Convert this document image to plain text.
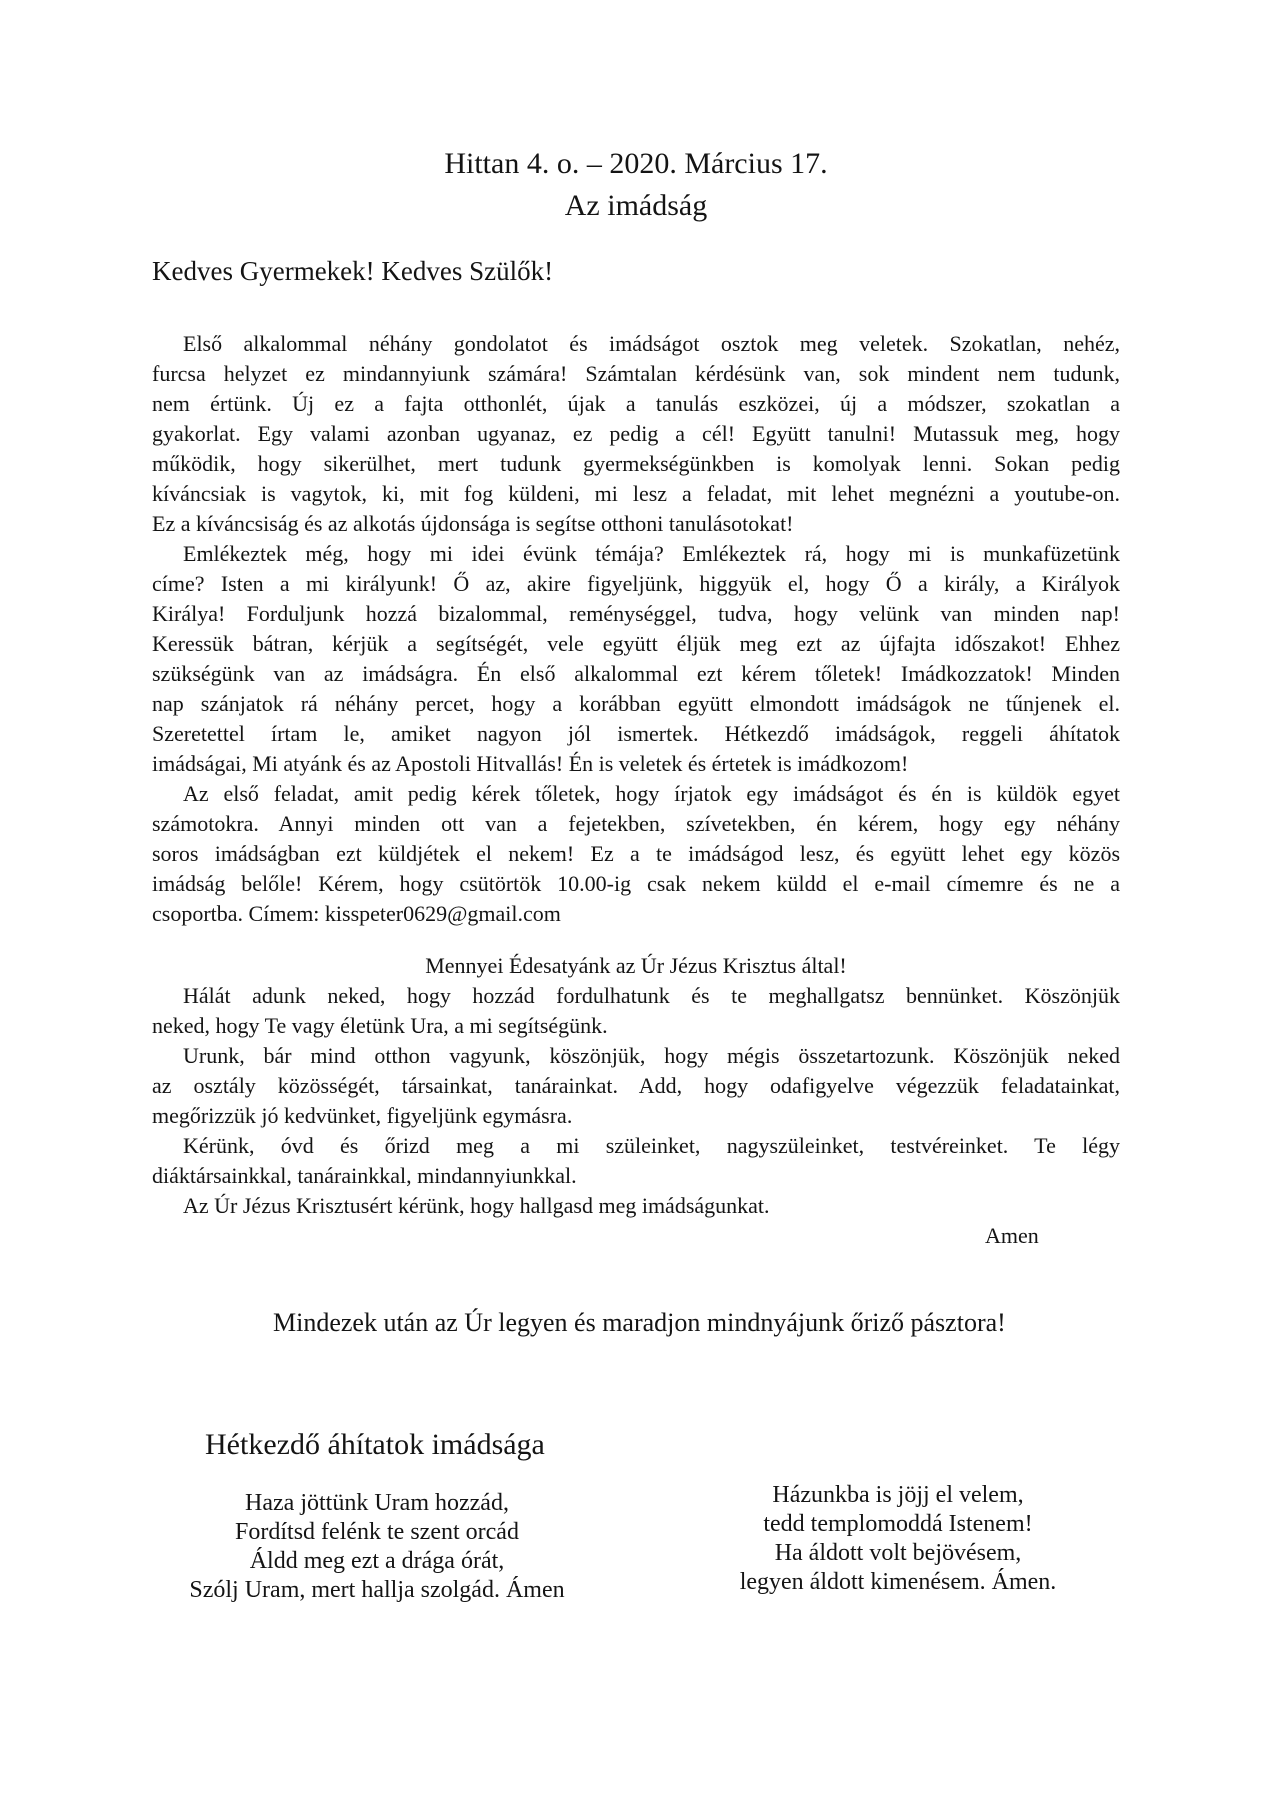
Hittan 4. o. – 2020. Március 17.
Az imádság
Kedves Gyermekek! Kedves Szülők!
Első alkalommal néhány gondolatot és imádságot osztok meg veletek. Szokatlan, nehéz,
furcsa helyzet ez mindannyiunk számára! Számtalan kérdésünk van, sok mindent nem tudunk,
nem értünk. Új ez a fajta otthonlét, újak a tanulás eszközei, új a módszer, szokatlan a
gyakorlat. Egy valami azonban ugyanaz, ez pedig a cél! Együtt tanulni! Mutassuk meg, hogy
működik, hogy sikerülhet, mert tudunk gyermekségünkben is komolyak lenni. Sokan pedig
kíváncsiak is vagytok, ki, mit fog küldeni, mi lesz a feladat, mit lehet megnézni a youtube-on.
Ez a kíváncsiság és az alkotás újdonsága is segítse otthoni tanulásotokat!
Emlékeztek még, hogy mi idei évünk témája? Emlékeztek rá, hogy mi is munkafüzetünk
címe? Isten a mi királyunk! Ő az, akire figyeljünk, higgyük el, hogy Ő a király, a Királyok
Királya! Forduljunk hozzá bizalommal, reménységgel, tudva, hogy velünk van minden nap!
Keressük bátran, kérjük a segítségét, vele együtt éljük meg ezt az újfajta időszakot! Ehhez
szükségünk van az imádságra. Én első alkalommal ezt kérem tőletek! Imádkozzatok! Minden
nap szánjatok rá néhány percet, hogy a korábban együtt elmondott imádságok ne tűnjenek el.
Szeretettel írtam le, amiket nagyon jól ismertek. Hétkezdő imádságok, reggeli áhítatok
imádságai, Mi atyánk és az Apostoli Hitvallás! Én is veletek és értetek is imádkozom!
Az első feladat, amit pedig kérek tőletek, hogy írjatok egy imádságot és én is küldök egyet
számotokra. Annyi minden ott van a fejetekben, szívetekben, én kérem, hogy egy néhány
soros imádságban ezt küldjétek el nekem! Ez a te imádságod lesz, és együtt lehet egy közös
imádság belőle! Kérem, hogy csütörtök 10.00-ig csak nekem küldd el e-mail címemre és ne a
csoportba. Címem: kisspeter0629@gmail.com
Mennyei Édesatyánk az Úr Jézus Krisztus által!
Hálát adunk neked, hogy hozzád fordulhatunk és te meghallgatsz bennünket. Köszönjük
neked, hogy Te vagy életünk Ura, a mi segítségünk.
Urunk, bár mind otthon vagyunk, köszönjük, hogy mégis összetartozunk. Köszönjük neked
az osztály közösségét, társainkat, tanárainkat. Add, hogy odafigyelve végezzük feladatainkat,
megőrizzük jó kedvünket, figyeljünk egymásra.
Kérünk, óvd és őrizd meg a mi szüleinket, nagyszüleinket, testvéreinket. Te légy
diáktársainkkal, tanárainkkal, mindannyiunkkal.
Az Úr Jézus Krisztusért kérünk, hogy hallgasd meg imádságunkat.
Amen
Mindezek után az Úr legyen és maradjon mindnyájunk őriző pásztora!
Hétkezdő áhítatok imádsága
Haza jöttünk Uram hozzád,
Fordítsd felénk te szent orcád
Áldd meg ezt a drága órát,
Szólj Uram, mert hallja szolgád. Ámen
Házunkba is jöjj el velem,
tedd templomoddá Istenem!
Ha áldott volt bejövésem,
legyen áldott kimenésem. Ámen.
